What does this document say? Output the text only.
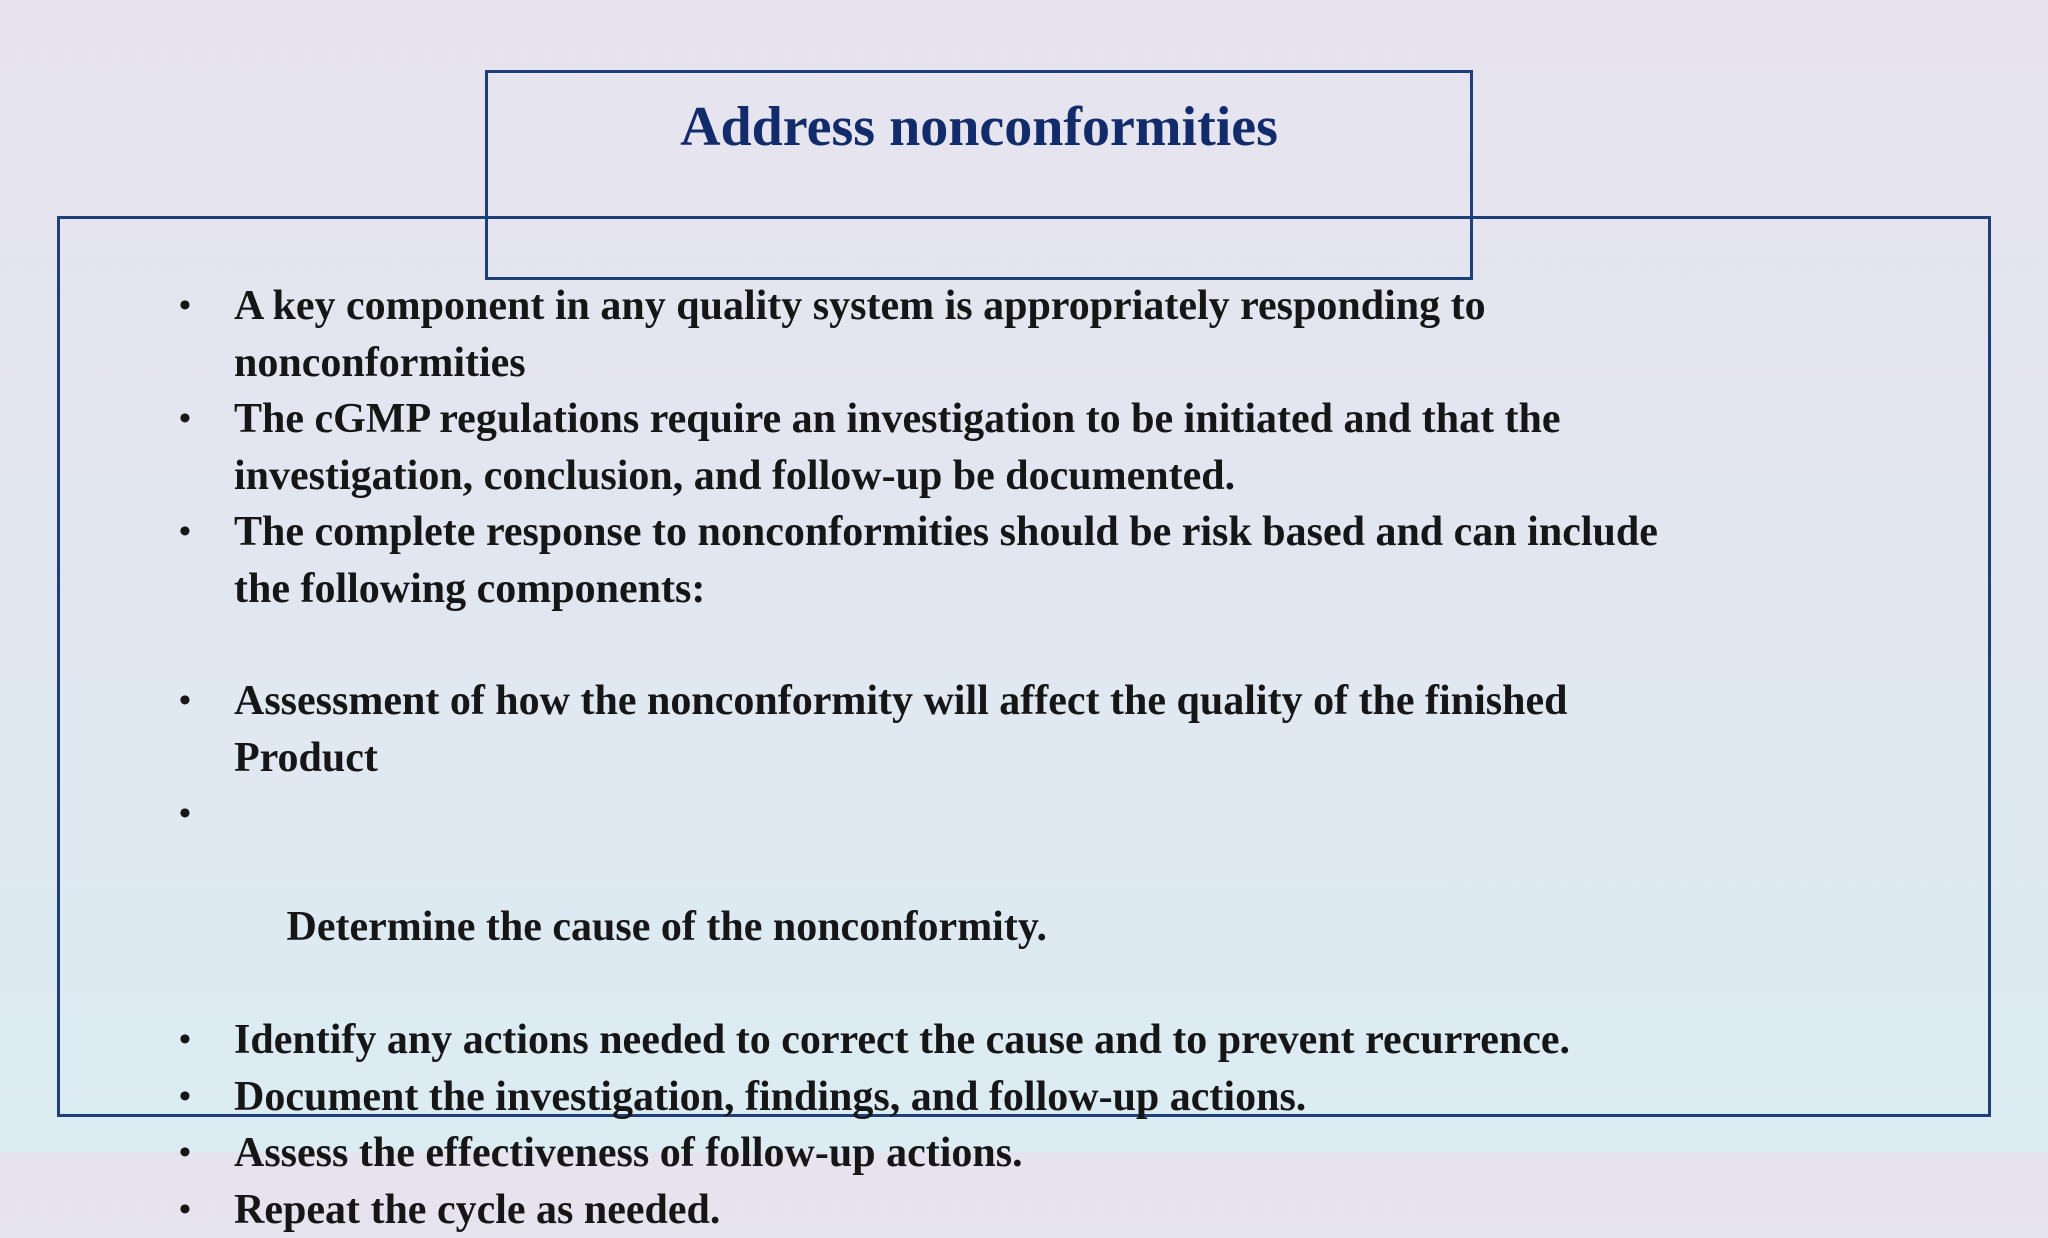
Address nonconformities
• A key component in any quality system is appropriately responding to
nonconformities
• The cGMP regulations require an investigation to be initiated and that the
investigation, conclusion, and follow-up be documented.
• The complete response to nonconformities should be risk based and can include
the following components:
• Assessment of how the nonconformity will affect the quality of the finished
Product

•

Determine the cause of the nonconformity.

• Identify any actions needed to correct the cause and to prevent recurrence.
• Document the investigation, findings, and follow-up actions.
• Assess the effectiveness of follow-up actions.
• Repeat the cycle as needed.
